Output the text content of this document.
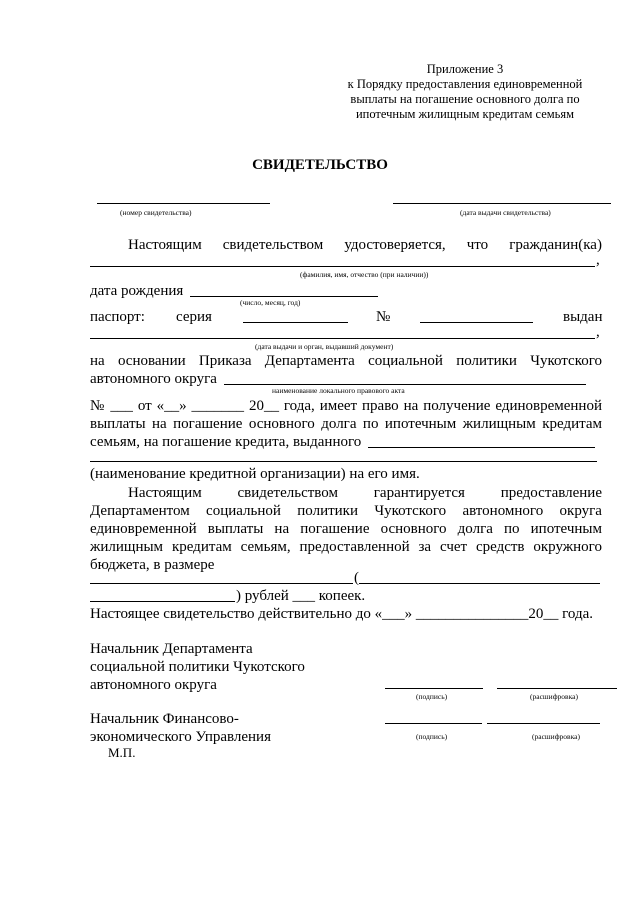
Приложение 3
к Порядку предоставления единовременной
выплаты на погашение основного долга по
ипотечным жилищным кредитам семьям
СВИДЕТЕЛЬСТВО
(номер свидетельства)	(дата выдачи свидетельства)
Настоящим свидетельством удостоверяется, что гражданин(ка)
,
(фамилия, имя, отчество (при наличии))
дата рождения
(число, месяц, год)
паспорт: серия	№	выдан
,
(дата выдачи и орган, выдавший документ)
на основании Приказа Департамента социальной политики Чукотского
автономного округа
наименование локального правового акта
№ ___ от «__» _______ 20__ года, имеет право на получение единовременной
выплаты на погашение основного долга по ипотечным жилищным кредитам
семьям, на погашение кредита, выданного
(наименование кредитной организации) на его имя.
Настоящим свидетельством гарантируется предоставление
Департаментом социальной политики Чукотского автономного округа
единовременной выплаты на погашение основного долга по ипотечным
жилищным кредитам семьям, предоставленной за счет средств окружного
бюджета, в размере
(
) рублей ___ копеек.
Настоящее свидетельство действительно до «___» _______________20__ года.
Начальник Департамента
социальной политики Чукотского
автономного округа
(подпись)	(расшифровка)
Начальник Финансово-
экономического Управления
М.П.
(подпись)	(расшифровка)
